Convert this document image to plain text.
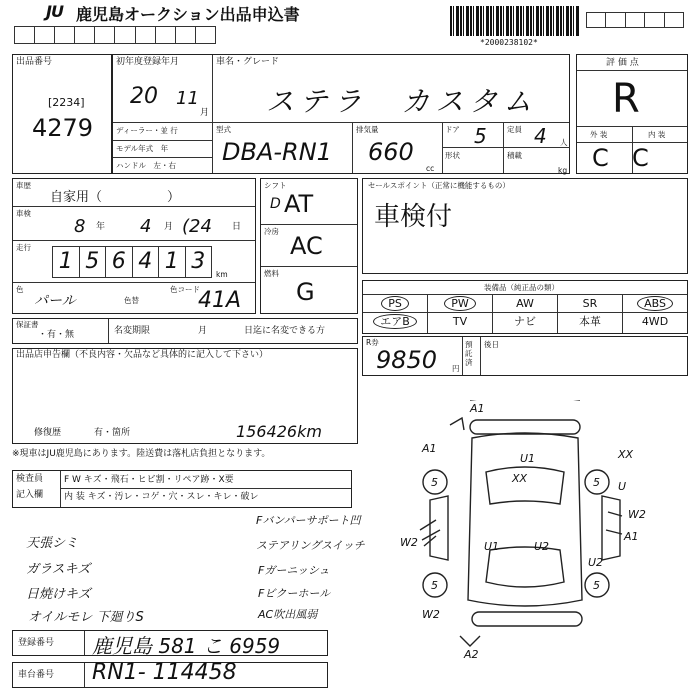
JU 鹿児島オークション出品申込書
*2000238102*
出品番号
[2234]
4279
初年度登録年月
20 11
月
車名・グレード
ステラ　カスタム
ディーラー・並 行
モデル年式　年
ハンドル　左・右
型式
DBA-RN1
排気量
660
cc
ドア 5	定員 4 人
形状	積載
kg
評 価 点
R
外 装	内 装
C C
車歴
自家用（　　　　　）
車検
8 年 4 月 (24 日
走行
1 5 6 4 1 3
km
色
パール	色替
色コード
41A
シフト
D AT
冷房
AC
燃料
G
セールスポイント（正常に機能するもの）
車検付
装備品（純正品の類）
PS	PW	AW	SR	ABS
エアB	TV	ナビ	本革	4WD
保証書
・有・無	名変期限	月	日迄に名変できる方
R券
9850 円
預託済
後日
出品店申告欄（不良内容・欠品など具体的に記入して下さい）
修復歴	有・箇所	156426km
※現車はJU鹿児島にあります。陸送費は落札店負担となります。
検査員
記入欄
F W キズ・飛石・ヒビ割・リペア跡・X要
内 装 キズ・汚レ・コゲ・穴・スレ・キレ・破レ
天張シミ
ガラスキズ
日焼けキズ
オイルモレ 下廻りS
Fバンパーサポート凹
ステアリングスイッチ
Fガーニッシュ
Fビクーホール
AC吹出風弱
A1
A1
U1
XX
XX
5	5
5	5
U
W2
W2
A1
U1	U2
U2
W2
A2
登録番号 鹿児島 581 こ 6959
車台番号 RN1- 114458
